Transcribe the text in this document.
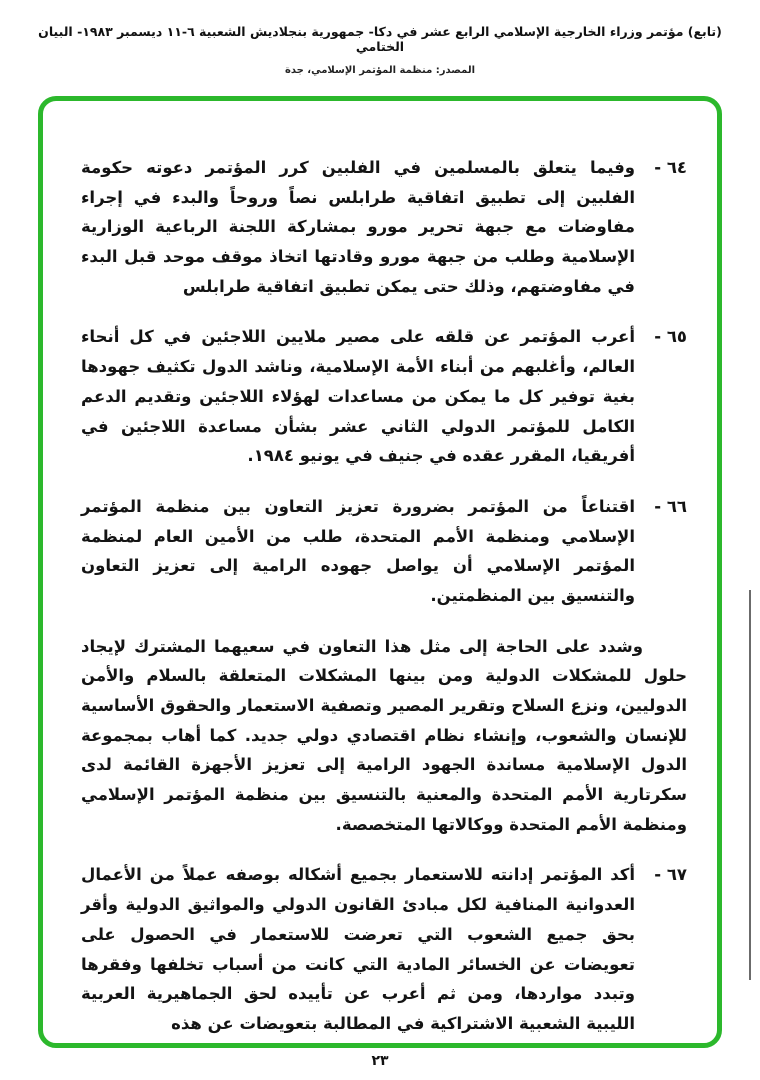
(تابع) مؤتمر وزراء الخارجية الإسلامي الرابع عشر في دكا- جمهورية بنجلاديش الشعبية ٦-١١ ديسمبر ١٩٨٣- البيان الختامي
المصدر: منظمة المؤتمر الإسلامي، جدة
٦٤ -
وفيما يتعلق بالمسلمين في الفلبين كرر المؤتمر دعوته حكومة الفلبين إلى تطبيق اتفاقية طرابلس نصاً وروحاً والبدء في إجراء مفاوضات مع جبهة تحرير مورو بمشاركة اللجنة الرباعية الوزارية الإسلامية وطلب من جبهة مورو وقادتها اتخاذ موقف موحد قبل البدء في مفاوضتهم، وذلك حتى يمكن تطبيق اتفاقية طرابلس
٦٥ -
أعرب المؤتمر عن قلقه على مصير ملايين اللاجئين في كل أنحاء العالم، وأغلبهم من أبناء الأمة الإسلامية، وناشد الدول تكثيف جهودها بغية توفير كل ما يمكن من مساعدات لهؤلاء اللاجئين وتقديم الدعم الكامل للمؤتمر الدولي الثاني عشر بشأن مساعدة اللاجئين في أفريقيا، المقرر عقده في جنيف في يونيو ١٩٨٤.
٦٦ -
اقتناعاً من المؤتمر بضرورة تعزيز التعاون بين منظمة المؤتمر الإسلامي ومنظمة الأمم المتحدة، طلب من الأمين العام لمنظمة المؤتمر الإسلامي أن يواصل جهوده الرامية إلى تعزيز التعاون والتنسيق بين المنظمتين.
وشدد على الحاجة إلى مثل هذا التعاون في سعيهما المشترك لإيجاد حلول للمشكلات الدولية ومن بينها المشكلات المتعلقة بالسلام والأمن الدوليين، ونزع السلاح وتقرير المصير وتصفية الاستعمار والحقوق الأساسية للإنسان والشعوب، وإنشاء نظام اقتصادي دولي جديد. كما أهاب بمجموعة الدول الإسلامية مساندة الجهود الرامية إلى تعزيز الأجهزة القائمة لدى سكرتارية الأمم المتحدة والمعنية بالتنسيق بين منظمة المؤتمر الإسلامي ومنظمة الأمم المتحدة ووكالاتها المتخصصة.
٦٧ -
أكد المؤتمر إدانته للاستعمار بجميع أشكاله بوصفه عملاً من الأعمال العدوانية المنافية لكل مبادئ القانون الدولي والمواثيق الدولية وأقر بحق جميع الشعوب التي تعرضت للاستعمار في الحصول على تعويضات عن الخسائر المادية التي كانت من أسباب تخلفها وفقرها وتبدد مواردها، ومن ثم أعرب عن تأييده لحق الجماهيرية العربية الليبية الشعبية الاشتراكية في المطالبة بتعويضات عن هذه
٢٣
